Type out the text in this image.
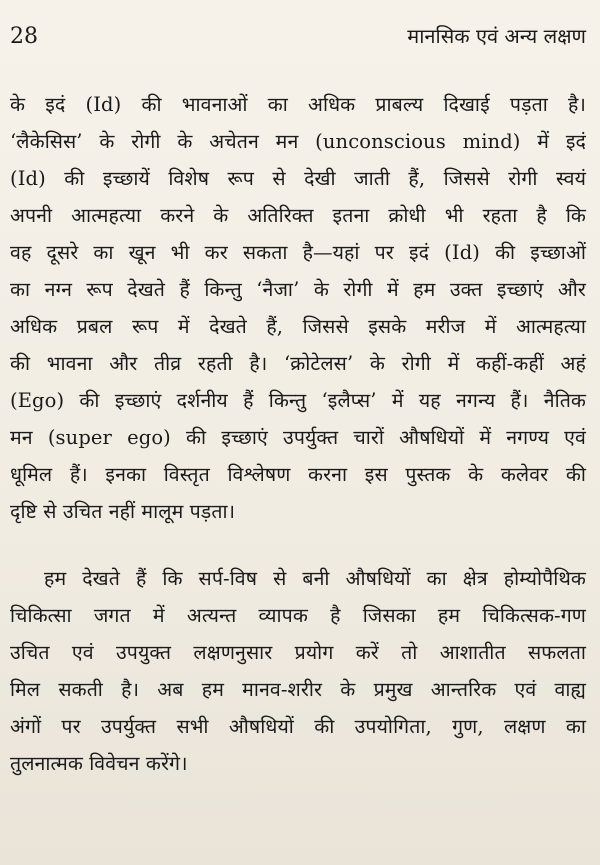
28	मानसिक एवं अन्य लक्षण
के इदं (Id) की भावनाओं का अधिक प्राबल्य दिखाई पड़ता है।
‘लैकेसिस’ के रोगी के अचेतन मन (unconscious mind) में इदं
(Id) की इच्छायें विशेष रूप से देखी जाती हैं, जिससे रोगी स्वयं
अपनी आत्महत्या करने के अतिरिक्त इतना क्रोधी भी रहता है कि
वह दूसरे का खून भी कर सकता है—यहां पर इदं (Id) की इच्छाओं
का नग्न रूप देखते हैं किन्तु ‘नैजा’ के रोगी में हम उक्त इच्छाएं और
अधिक प्रबल रूप में देखते हैं, जिससे इसके मरीज में आत्महत्या
की भावना और तीव्र रहती है। ‘क्रोटेलस’ के रोगी में कहीं-कहीं अहं
(Ego) की इच्छाएं दर्शनीय हैं किन्तु ‘इलैप्स’ में यह नगन्य हैं। नैतिक
मन (super ego) की इच्छाएं उपर्युक्त चारों औषधियों में नगण्य एवं
धूमिल हैं। इनका विस्तृत विश्लेषण करना इस पुस्तक के कलेवर की
दृष्टि से उचित नहीं मालूम पड़ता।
हम देखते हैं कि सर्प-विष से बनी औषधियों का क्षेत्र होम्योपैथिक
चिकित्सा जगत में अत्यन्त व्यापक है जिसका हम चिकित्सक-गण
उचित एवं उपयुक्त लक्षणनुसार प्रयोग करें तो आशातीत सफलता
मिल सकती है। अब हम मानव-शरीर के प्रमुख आन्तरिक एवं वाह्य
अंगों पर उपर्युक्त सभी औषधियों की उपयोगिता, गुण, लक्षण का
तुलनात्मक विवेचन करेंगे।
